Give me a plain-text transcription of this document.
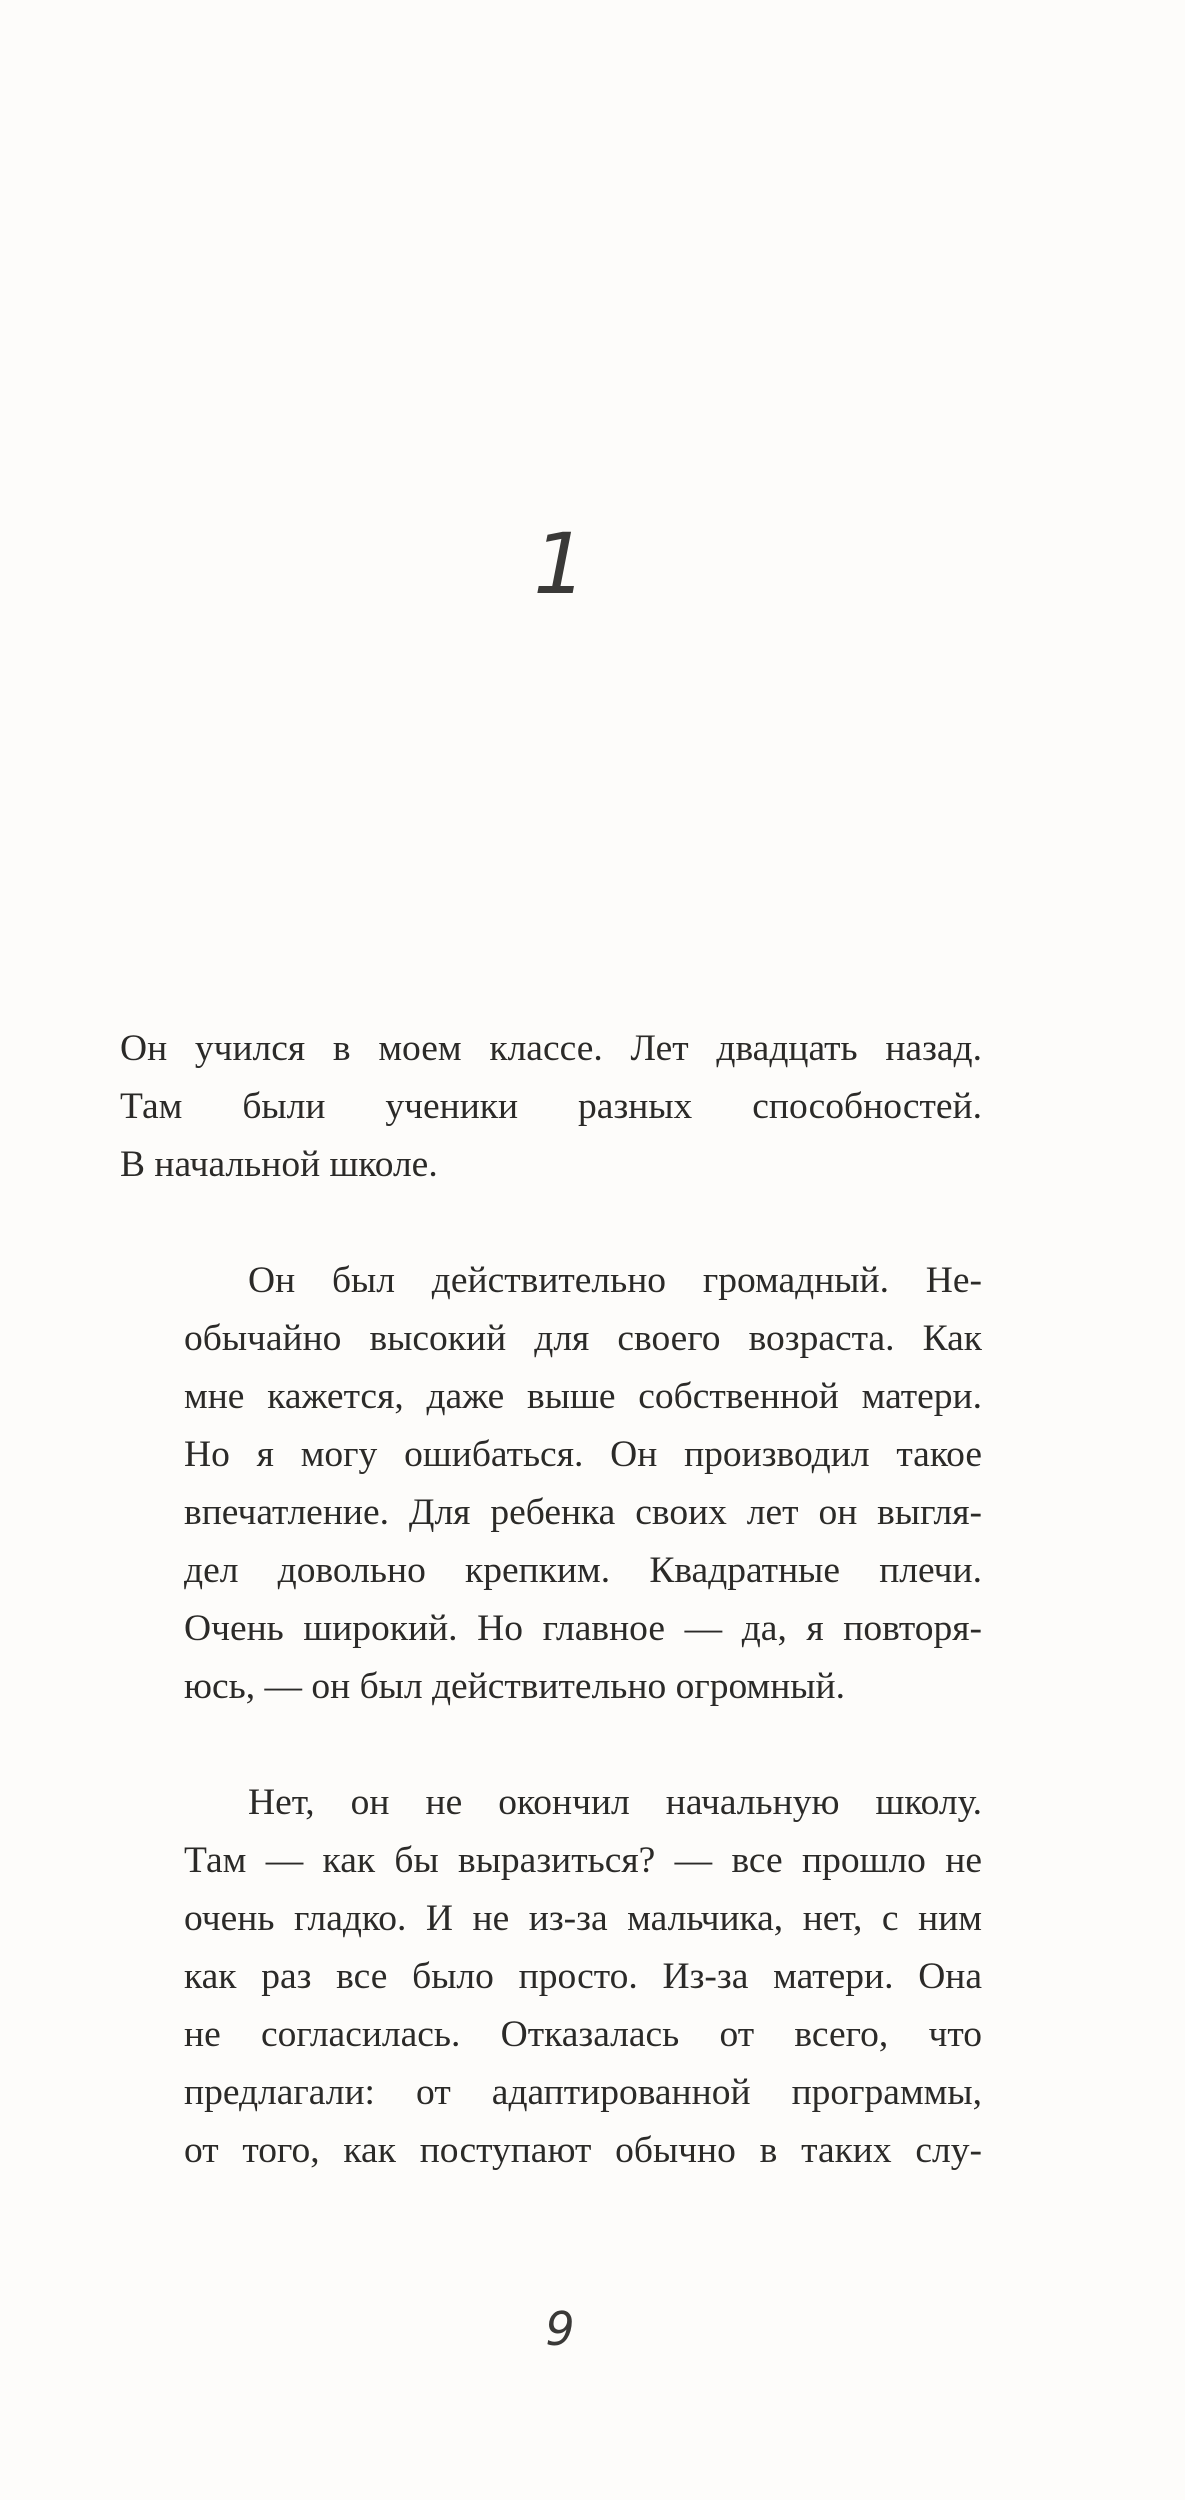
1

Он учился в моем классе. Лет двадцать назад.
Там были ученики разных способностей.
В начальной школе.

Он был действительно громадный. Не-
обычайно высокий для своего возраста. Как
мне кажется, даже выше собственной матери.
Но я могу ошибаться. Он производил такое
впечатление. Для ребенка своих лет он выгля-
дел довольно крепким. Квадратные плечи.
Очень широкий. Но главное — да, я повторя-
юсь, — он был действительно огромный.

Нет, он не окончил начальную школу.
Там — как бы выразиться? — все прошло не
очень гладко. И не из-за мальчика, нет, с ним
как раз все было просто. Из-за матери. Она
не согласилась. Отказалась от всего, что
предлагали: от адаптированной программы,
от того, как поступают обычно в таких слу-

9
